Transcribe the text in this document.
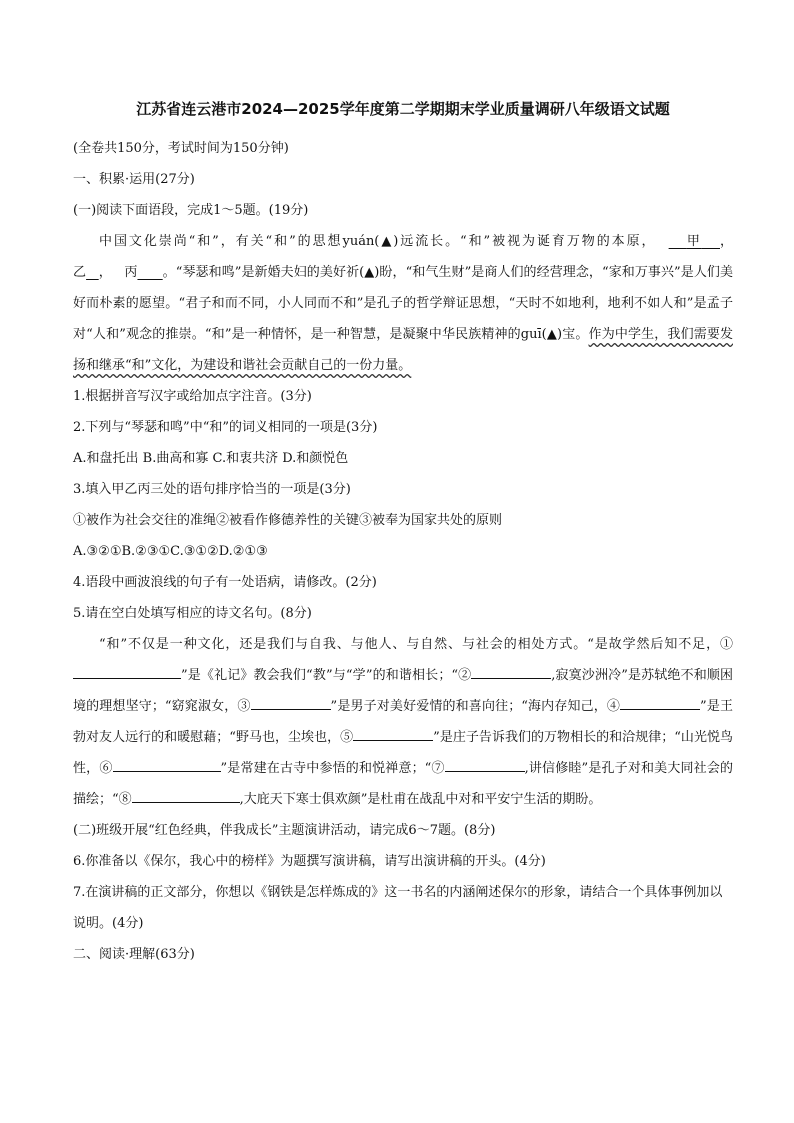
江苏省连云港市2024—2025学年度第二学期期末学业质量调研八年级语文试题

(全卷共150分，考试时间为150分钟)

一、积累·运用(27分)

(一)阅读下面语段，完成1～5题。(19分)

中国文化崇尚“和”，有关“和”的思想yuán(▲)远流长。“和”被视为诞育万物的本原， 甲 ，乙 ，   丙 。“琴瑟和鸣”是新婚夫妇的美好祈(▲)盼，“和气生财”是商人们的经营理念，“家和万事兴”是人们美好而朴素的愿望。“君子和而不同，小人同而不和”是孔子的哲学辩证思想，“天时不如地利，地利不如人和”是孟子对“人和”观念的推崇。“和”是一种情怀，是一种智慧，是凝聚中华民族精神的guī(▲)宝。作为中学生，我们需要发扬和继承“和”文化，为建设和谐社会贡献自己的一份力量。

1.根据拼音写汉字或给加点字注音。(3分)

2.下列与“琴瑟和鸣”中“和”的词义相同的一项是(3分)

A.和盘托出 B.曲高和寡 C.和衷共济 D.和颜悦色

3.填入甲乙丙三处的语句排序恰当的一项是(3分)

①被作为社会交往的准绳②被看作修德养性的关键③被奉为国家共处的原则

A.③②①B.②③①C.③①②D.②①③

4.语段中画波浪线的句子有一处语病，请修改。(2分)

5.请在空白处填写相应的诗文名句。(8分)

“和”不仅是一种文化，还是我们与自我、与他人、与自然、与社会的相处方式。“是故学然后知不足，①”是《礼记》教会我们“教”与“学”的和谐相长；“②	,寂寞沙洲冷”是苏轼绝不和顺困境的理想坚守；“窈窕淑女，③	”是男子对美好爱情的和喜向往；“海内存知己，④	”是王勃对友人远行的和暖慰藉；“野马也，尘埃也，⑤	”是庄子告诉我们的万物相长的和洽规律；“山光悦鸟性，⑥	”是常建在古寺中参悟的和悦禅意；“⑦	,讲信修睦”是孔子对和美大同社会的描绘；“⑧	,大庇天下寒士俱欢颜”是杜甫在战乱中对和平安宁生活的期盼。

(二)班级开展“红色经典，伴我成长”主题演讲活动，请完成6～7题。(8分)

6.你准备以《保尔，我心中的榜样》为题撰写演讲稿，请写出演讲稿的开头。(4分)

7.在演讲稿的正文部分，你想以《钢铁是怎样炼成的》这一书名的内涵阐述保尔的形象，请结合一个具体事例加以说明。(4分)

二、阅读·理解(63分)
